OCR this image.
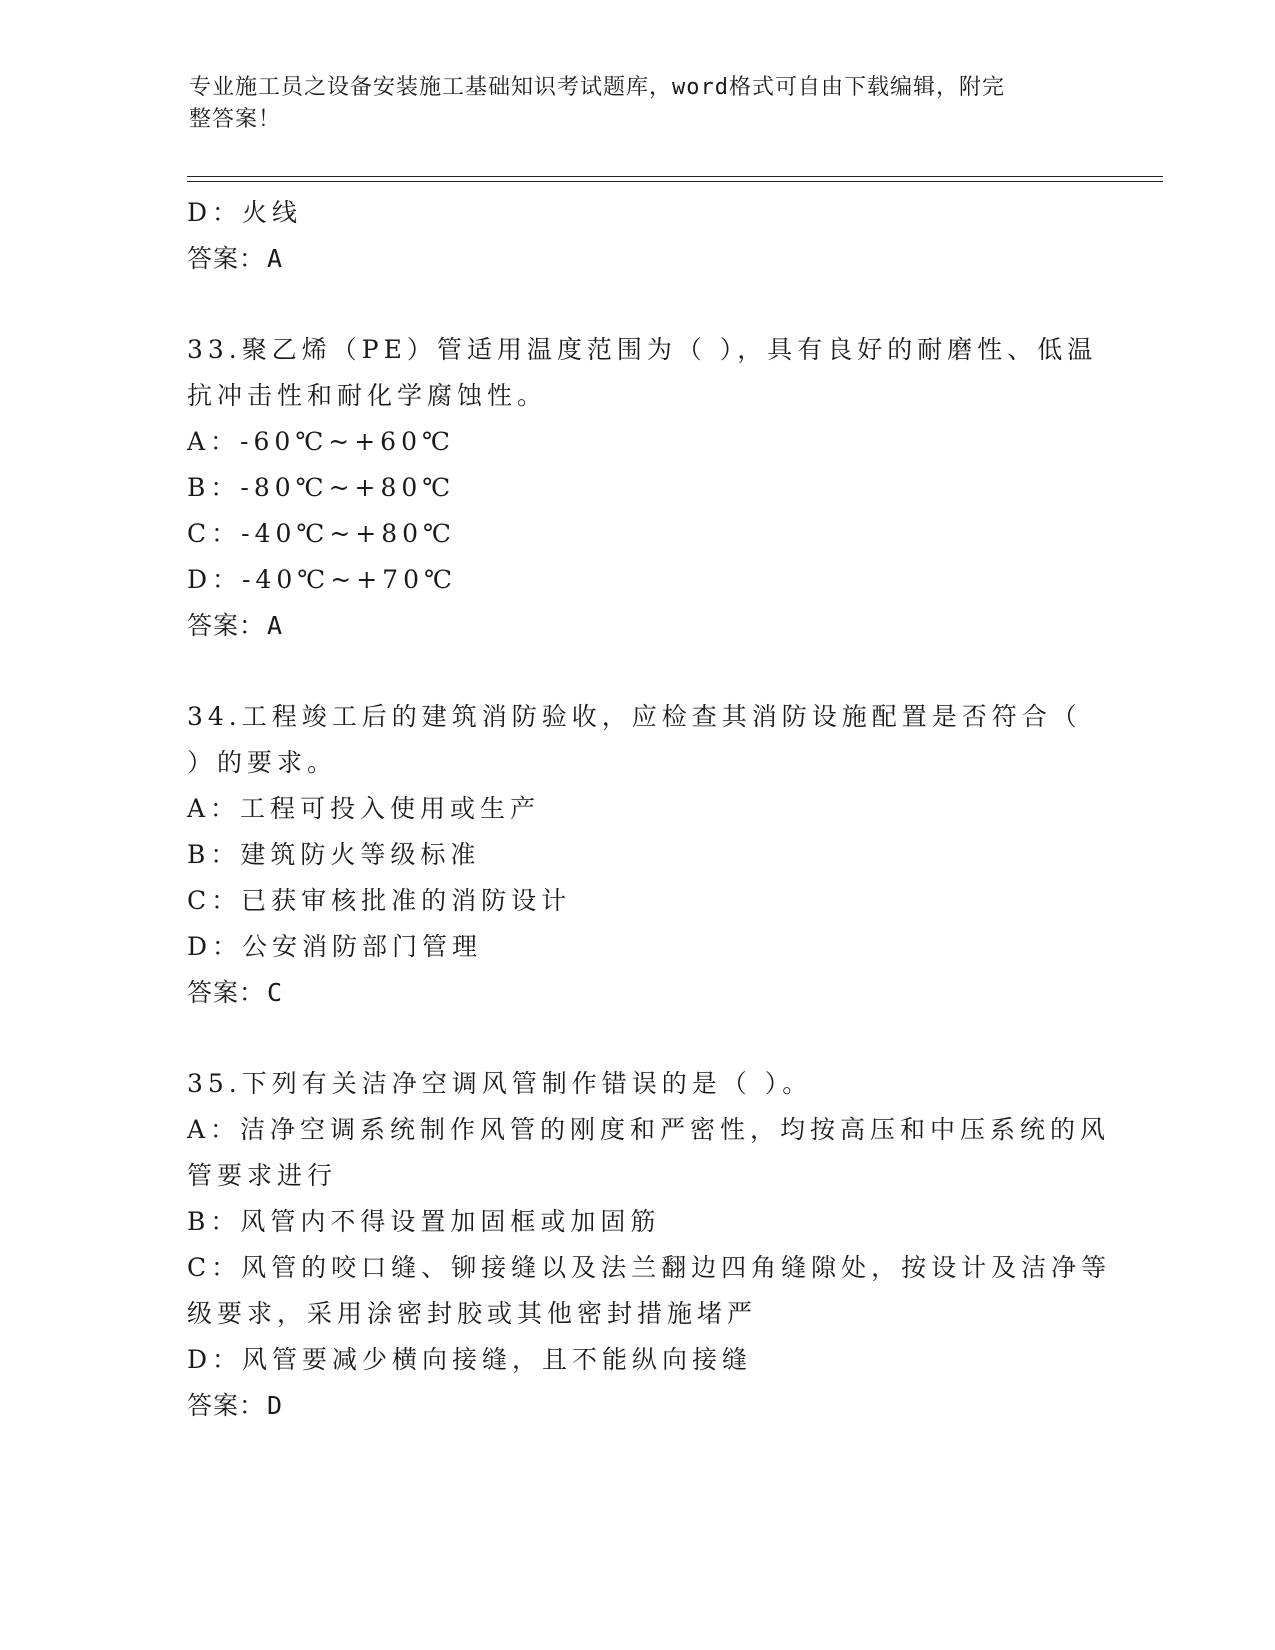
专业施工员之设备安装施工基础知识考试题库，word格式可自由下载编辑，附完
整答案！
D：火线
答案：A
33.聚乙烯（PE）管适用温度范围为（ ），具有良好的耐磨性、低温
抗冲击性和耐化学腐蚀性。
A：-60℃~+60℃
B：-80℃~+80℃
C：-40℃~+80℃
D：-40℃~+70℃
答案：A
34.工程竣工后的建筑消防验收，应检查其消防设施配置是否符合（
）的要求。
A：工程可投入使用或生产
B：建筑防火等级标准
C：已获审核批准的消防设计
D：公安消防部门管理
答案：C
35.下列有关洁净空调风管制作错误的是（ ）。
A：洁净空调系统制作风管的刚度和严密性，均按高压和中压系统的风
管要求进行
B：风管内不得设置加固框或加固筋
C：风管的咬口缝、铆接缝以及法兰翻边四角缝隙处，按设计及洁净等
级要求，采用涂密封胶或其他密封措施堵严
D：风管要减少横向接缝，且不能纵向接缝
答案：D
